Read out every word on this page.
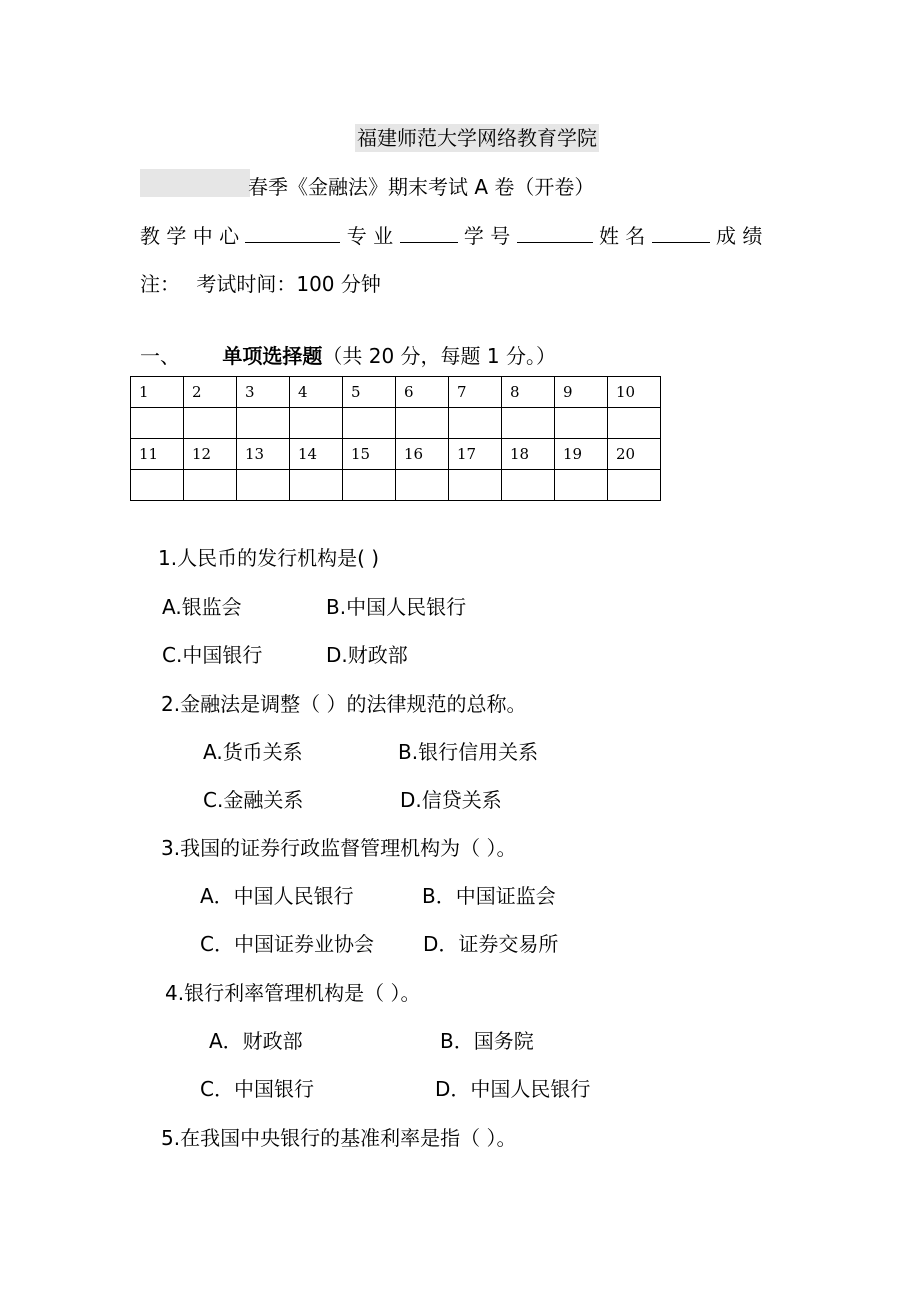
福建师范大学网络教育学院
春季《金融法》期末考试 A 卷（开卷）
教 学 中 心	专 业	学 号	姓 名	成 绩
注： 考试时间：100 分钟
一、 单项选择题（共 20 分，每题 1 分。）
1	2	3	4	5	6	7	8	9	10

11	12	13	14	15	16	17	18	19	20

1.人民币的发行机构是( )
A.银监会	B.中国人民银行
C.中国银行	D.财政部
2.金融法是调整（ ）的法律规范的总称。
A.货币关系	B.银行信用关系
C.金融关系	D.信贷关系
3.我国的证券行政监督管理机构为（ ）。
A．中国人民银行	B．中国证监会
C．中国证券业协会 D．证券交易所
4.银行利率管理机构是（ ）。
A．财政部	B．国务院
C．中国银行	D．中国人民银行
5.在我国中央银行的基准利率是指（ ）。
